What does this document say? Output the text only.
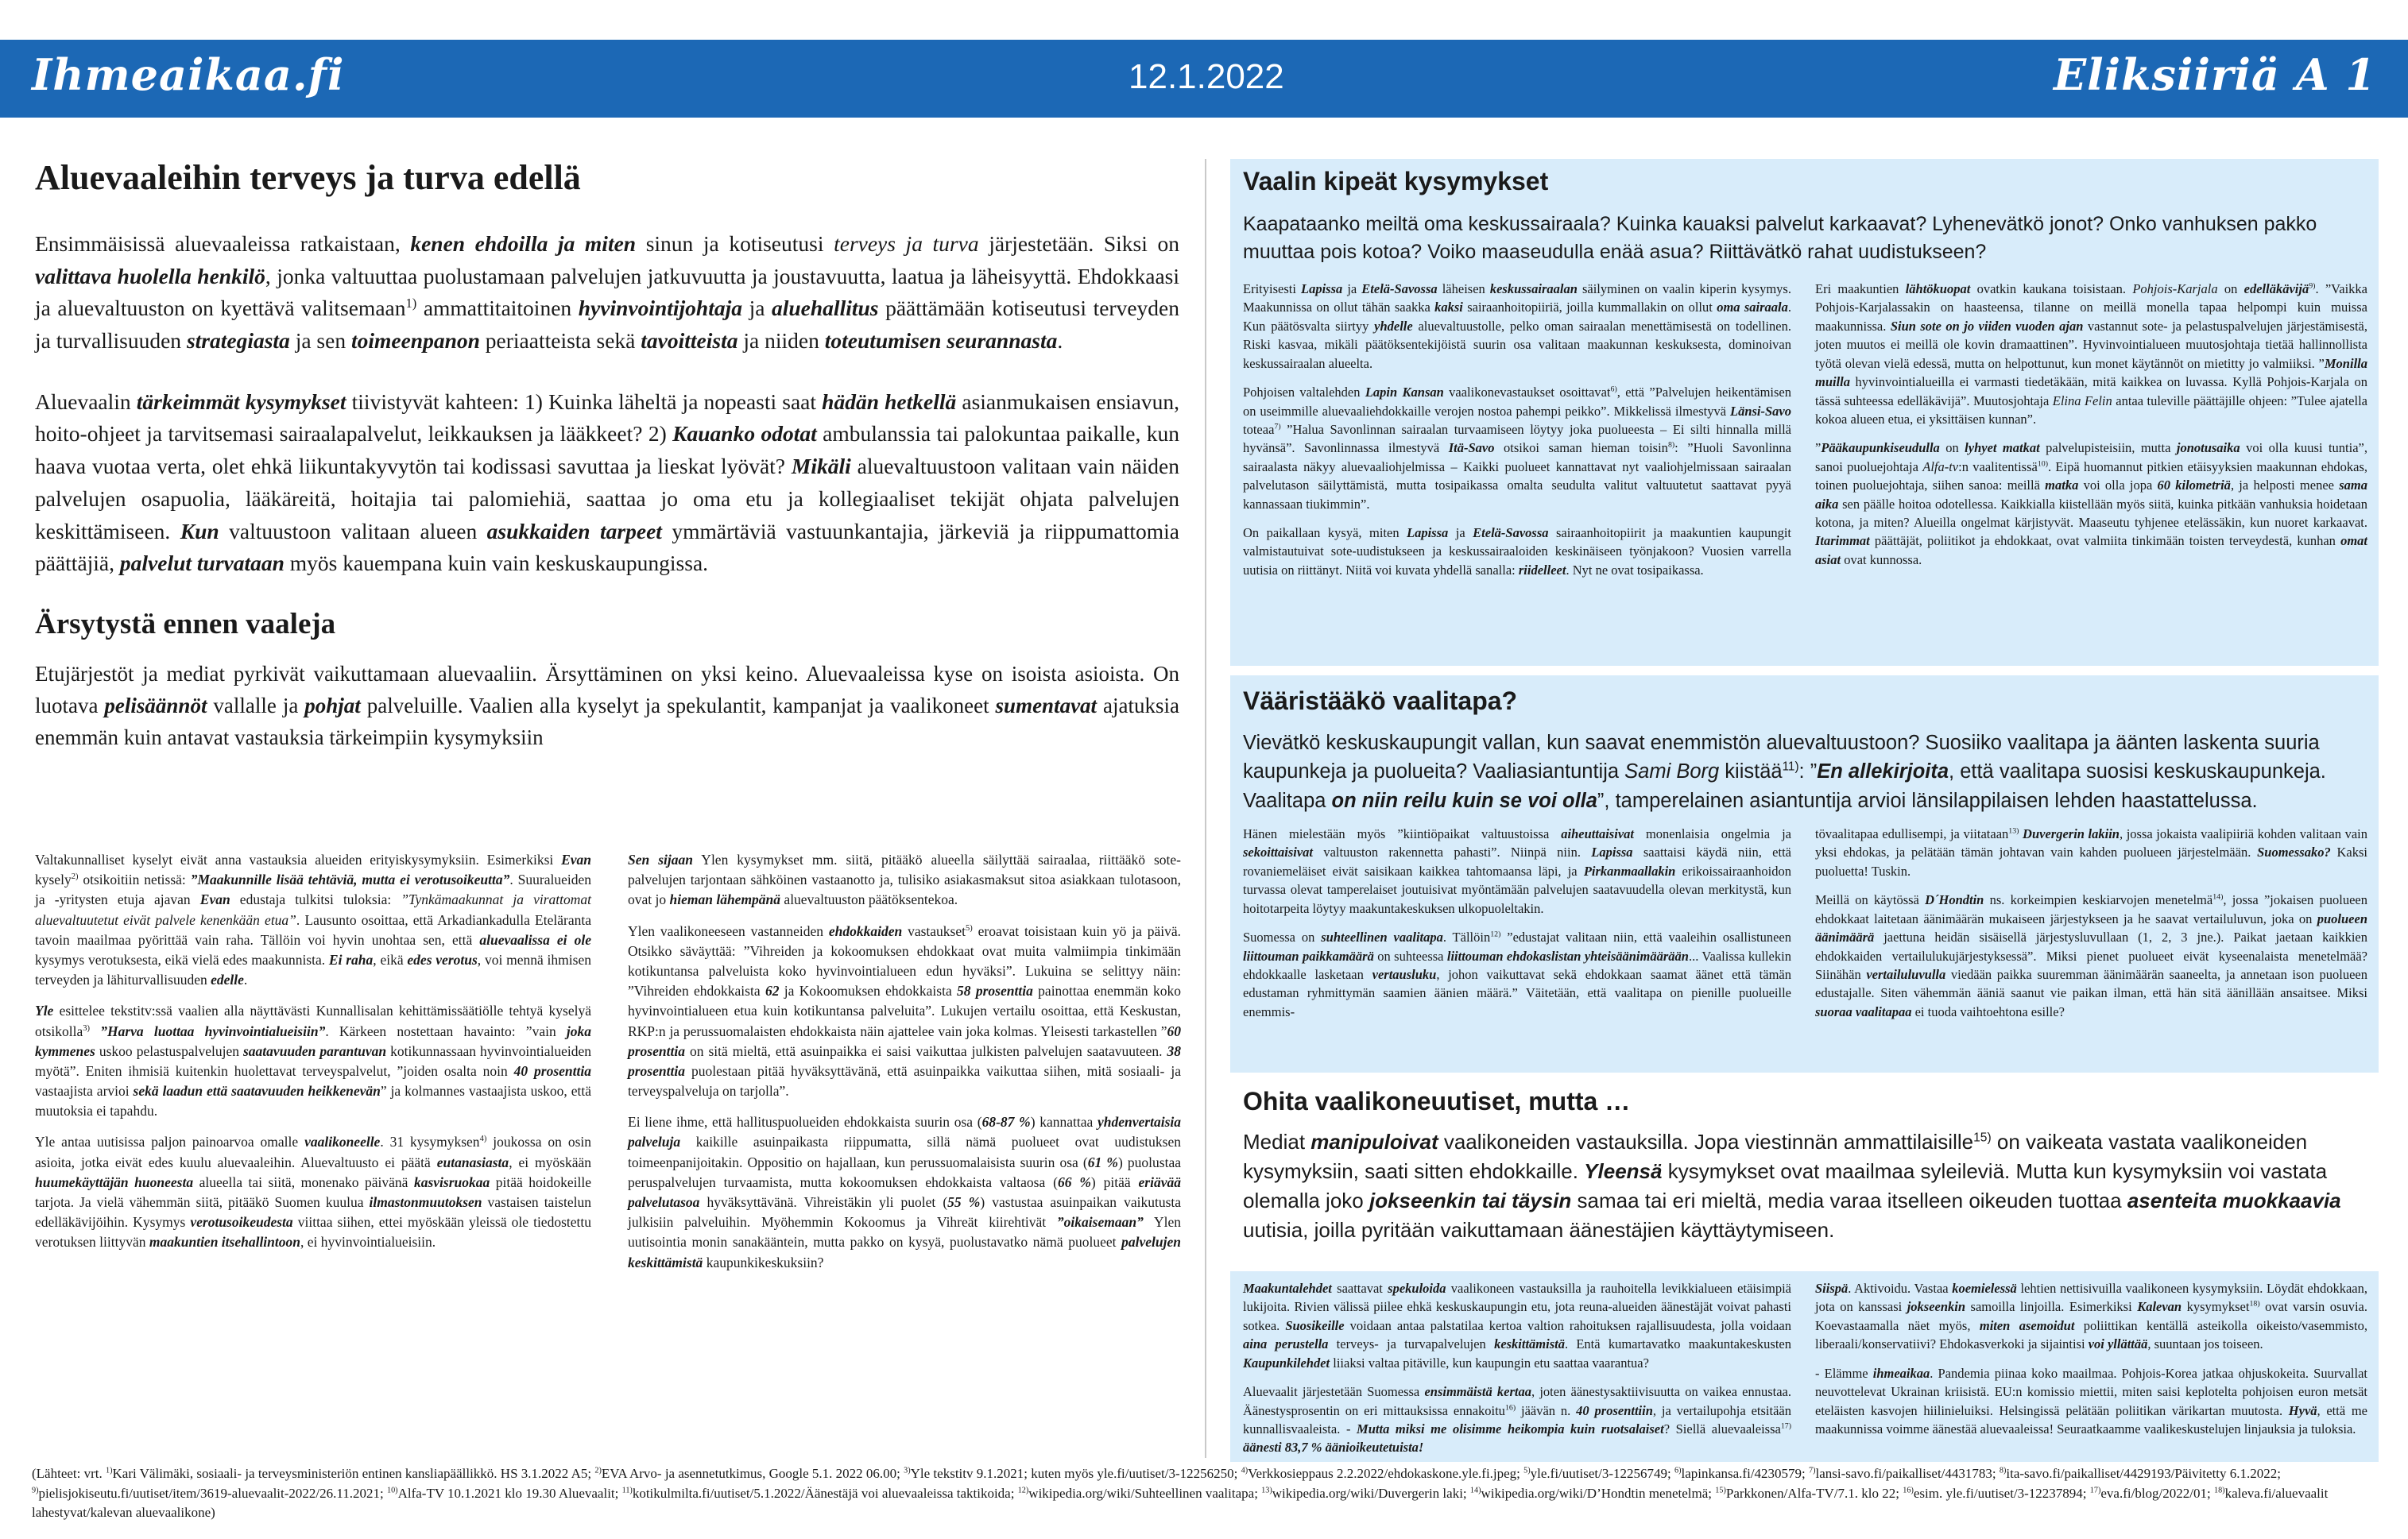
Ihmeaikaa.fi	12.1.2022	Eliksiiriä A 1
Aluevaaleihin terveys ja turva edellä

Ensimmäisissä aluevaaleissa ratkaistaan, kenen ehdoilla ja miten sinun ja kotiseutusi terveys ja turva järjestetään. Siksi on valittava huolella henkilö, jonka valtuuttaa puolustamaan palvelujen jatkuvuutta ja joustavuutta, laatua ja läheisyyttä. Ehdokkaasi ja aluevaltuuston on kyettävä valitsemaan$^{1)}$ ammattitaitoinen hyvinvointijohtaja ja aluehallitus päättämään kotiseutusi terveyden ja turvallisuuden strategiasta ja sen toimeenpanon periaatteista sekä tavoitteista ja niiden toteutumisen seurannasta.

Aluevaalin tärkeimmät kysymykset tiivistyvät kahteen: 1) Kuinka läheltä ja nopeasti saat hädän hetkellä asianmukaisen ensiavun, hoito-ohjeet ja tarvitsemasi sairaalapalvelut, leikkauksen ja lääkkeet? 2) Kauanko odotat ambulanssia tai palokuntaa paikalle, kun haava vuotaa verta, olet ehkä liikuntakyvytön tai kodissasi savuttaa ja lieskat lyövät? Mikäli aluevaltuustoon valitaan vain näiden palvelujen osapuolia, lääkäreitä, hoitajia tai palomiehiä, saattaa jo oma etu ja kollegiaaliset tekijät ohjata palvelujen keskittämiseen. Kun valtuustoon valitaan alueen asukkaiden tarpeet ymmärtäviä vastuunkantajia, järkeviä ja riippumattomia päättäjiä, palvelut turvataan myös kauempana kuin vain keskuskaupungissa.

Ärsytystä ennen vaaleja

Etujärjestöt ja mediat pyrkivät vaikuttamaan aluevaaliin. Ärsyttäminen on yksi keino. Aluevaaleissa kyse on isoista asioista. On luotava pelisäännöt vallalle ja pohjat palveluille. Vaalien alla kyselyt ja spekulantit, kampanjat ja vaalikoneet sumentavat ajatuksia enemmän kuin antavat vastauksia tärkeimpiin kysymyksiin

Valtakunnalliset kyselyt eivät anna vastauksia alueiden erityiskysymyksiin. Esimerkiksi Evan kysely$^{2)}$ otsikoitiin netissä: ”Maakunnille lisää tehtäviä, mutta ei verotusoikeutta”. Suuralueiden ja -yritysten etuja ajavan Evan edustaja tulkitsi tuloksia: ”Tynkämaakunnat ja virattomat aluevaltuutetut eivät palvele kenenkään etua”. Lausunto osoittaa, että Arkadiankadulla Eteläranta tavoin maailmaa pyörittää vain raha. Tällöin voi hyvin unohtaa sen, että aluevaalissa ei ole kysymys verotuksesta, eikä vielä edes maakunnista. Ei raha, eikä edes verotus, voi mennä ihmisen terveyden ja lähiturvallisuuden edelle.

Yle esittelee tekstitv:ssä vaalien alla näyttävästi Kunnallisalan kehittämissäätiölle tehtyä kyselyä otsikolla$^{3)}$ ”Harva luottaa hyvinvointialueisiin”. Kärkeen nostettaan havainto: ”vain joka kymmenes uskoo pelastuspalvelujen saatavuuden parantuvan kotikunnassaan hyvinvointialueiden myötä”. Eniten ihmisiä kuitenkin huolettavat terveyspalvelut, ”joiden osalta noin 40 prosenttia vastaajista arvioi sekä laadun että saatavuuden heikkenevän” ja kolmannes vastaajista uskoo, että muutoksia ei tapahdu.

Yle antaa uutisissa paljon painoarvoa omalle vaalikoneelle. 31 kysymyksen$^{4)}$ joukossa on osin asioita, jotka eivät edes kuulu aluevaaleihin. Aluevaltuusto ei päätä eutanasiasta, ei myöskään huumekäyttäjän huoneesta alueella tai siitä, monenako päivänä kasvisruokaa pitää hoidokeille tarjota. Ja vielä vähemmän siitä, pitääkö Suomen kuulua ilmastonmuutoksen vastaisen taistelun edelläkävijöihin. Kysymys verotusoikeudesta viittaa siihen, ettei myöskään yleissä ole tiedostettu verotuksen liittyvän maakuntien itsehallintoon, ei hyvinvointialueisiin.

Sen sijaan Ylen kysymykset mm. siitä, pitääkö alueella säilyttää sairaalaa, riittääkö sote-palvelujen tarjontaan sähköinen vastaanotto ja, tulisiko asiakasmaksut sitoa asiakkaan tulotasoon, ovat jo hieman lähempänä aluevaltuuston päätöksentekoa.

Ylen vaalikoneeseen vastanneiden ehdokkaiden vastaukset$^{5)}$ eroavat toisistaan kuin yö ja päivä. Otsikko säväyttää: ”Vihreiden ja kokoomuksen ehdokkaat ovat muita valmiimpia tinkimään kotikuntansa palveluista koko hyvinvointialueen edun hyväksi”. Lukuina se selittyy näin: ”Vihreiden ehdokkaista 62 ja Kokoomuksen ehdokkaista 58 prosenttia painottaa enemmän koko hyvinvointialueen etua kuin kotikuntansa palveluita”. Lukujen vertailu osoittaa, että Keskustan, RKP:n ja perussuomalaisten ehdokkaista näin ajattelee vain joka kolmas. Yleisesti tarkastellen ”60 prosenttia on sitä mieltä, että asuinpaikka ei saisi vaikuttaa julkisten palvelujen saatavuuteen. 38 prosenttia puolestaan pitää hyväksyttävänä, että asuinpaikka vaikuttaa siihen, mitä sosiaali- ja terveyspalveluja on tarjolla”.

Ei liene ihme, että hallituspuolueiden ehdokkaista suurin osa (68-87 %) kannattaa yhdenvertaisia palveluja kaikille asuinpaikasta riippumatta, sillä nämä puolueet ovat uudistuksen toimeenpanijoitakin. Oppositio on hajallaan, kun perussuomalaisista suurin osa (61 %) puolustaa peruspalvelujen turvaamista, mutta kokoomuksen ehdokkaista valtaosa (66 %) pitää eriävää palvelutasoa hyväksyttävänä. Vihreistäkin yli puolet (55 %) vastustaa asuinpaikan vaikutusta julkisiin palveluihin. Myöhemmin Kokoomus ja Vihreät kiirehtivät ”oikaisemaan” Ylen uutisointia monin sanakääntein, mutta pakko on kysyä, puolustavatko nämä puolueet palvelujen keskittämistä kaupunkikeskuksiin?

Vaalin kipeät kysymykset

Kaapataanko meiltä oma keskussairaala? Kuinka kauaksi palvelut karkaavat? Lyhenevätkö jonot? Onko vanhuksen pakko muuttaa pois kotoa? Voiko maaseudulla enää asua? Riittävätkö rahat uudistukseen?

Erityisesti Lapissa ja Etelä-Savossa läheisen keskussairaalan säilyminen on vaalin kiperin kysymys. Maakunnissa on ollut tähän saakka kaksi sairaanhoitopiiriä, joilla kummallakin on ollut oma sairaala. Kun päätösvalta siirtyy yhdelle aluevaltuustolle, pelko oman sairaalan menettämisestä on todellinen. Riski kasvaa, mikäli päätöksentekijöistä suurin osa valitaan maakunnan keskuksesta, dominoivan keskussairaalan alueelta.

Pohjoisen valtalehden Lapin Kansan vaalikonevastaukset osoittavat$^{6)}$, että ”Palvelujen heikentämisen on useimmille aluevaaliehdokkaille verojen nostoa pahempi peikko”. Mikkelissä ilmestyvä Länsi-Savo toteaa$^{7)}$ ”Halua Savonlinnan sairaalan turvaamiseen löytyy joka puolueesta – Ei silti hinnalla millä hyvänsä”. Savonlinnassa ilmestyvä Itä-Savo otsikoi saman hieman toisin$^{8)}$: ”Huoli Savonlinna sairaalasta näkyy aluevaaliohjelmissa – Kaikki puolueet kannattavat nyt vaaliohjelmissaan sairaalan palvelutason säilyttämistä, mutta tosipaikassa omalta seudulta valitut valtuutetut saattavat pyyä kannassaan tiukimmin”.

On paikallaan kysyä, miten Lapissa ja Etelä-Savossa sairaanhoitopiirit ja maakuntien kaupungit valmistautuivat sote-uudistukseen ja keskussairaaloiden keskinäiseen työnjakoon? Vuosien varrella uutisia on riittänyt. Niitä voi kuvata yhdellä sanalla: riidelleet. Nyt ne ovat tosipaikassa.

Eri maakuntien lähtökuopat ovatkin kaukana toisistaan. Pohjois-Karjala on edelläkävijä$^{9)}$. ”Vaikka Pohjois-Karjalassakin on haasteensa, tilanne on meillä monella tapaa helpompi kuin muissa maakunnissa. Siun sote on jo viiden vuoden ajan vastannut sote- ja pelastuspalvelujen järjestämisestä, joten muutos ei meillä ole kovin dramaattinen”. Hyvinvointialueen muutosjohtaja tietää hallinnollista työtä olevan vielä edessä, mutta on helpottunut, kun monet käytännöt on mietitty jo valmiiksi. ”Monilla muilla hyvinvointialueilla ei varmasti tiedetäkään, mitä kaikkea on luvassa. Kyllä Pohjois-Karjala on tässä suhteessa edelläkävijä”. Muutosjohtaja Elina Felin antaa tuleville päättäjille ohjeen: ”Tulee ajatella kokoa alueen etua, ei yksittäisen kunnan”.

”Pääkaupunkiseudulla on lyhyet matkat palvelupisteisiin, mutta jonotusaika voi olla kuusi tuntia”, sanoi puoluejohtaja Alfa-tv:n vaalitentissä$^{10)}$. Eipä huomannut pitkien etäisyyksien maakunnan ehdokas, toinen puoluejohtaja, siihen sanoa: meillä matka voi olla jopa 60 kilometriä, ja helposti menee sama aika sen päälle hoitoa odotellessa. Kaikkialla kiistellään myös siitä, kuinka pitkään vanhuksia hoidetaan kotona, ja miten? Alueilla ongelmat kärjistyvät. Maaseutu tyhjenee etelässäkin, kun nuoret karkaavat. Itarimmat päättäjät, poliitikot ja ehdokkaat, ovat valmiita tinkimään toisten terveydestä, kunhan omat asiat ovat kunnossa.

Vääristääkö vaalitapa?

Vievätkö keskuskaupungit vallan, kun saavat enemmistön aluevaltuustoon? Suosiiko vaalitapa ja äänten laskenta suuria kaupunkeja ja puolueita? Vaaliasiantuntija Sami Borg kiistää$^{11)}$: ”En allekirjoita, että vaalitapa suosisi keskuskaupunkeja. Vaalitapa on niin reilu kuin se voi olla”, tamperelainen asiantuntija arvioi länsilappilaisen lehden haastattelussa.

Hänen mielestään myös ”kiintiöpaikat valtuustoissa aiheuttaisivat monenlaisia ongelmia ja sekoittaisivat valtuuston rakennetta pahasti”. Niinpä niin. Lapissa saattaisi käydä niin, että rovaniemeläiset eivät saisikaan kaikkea tahtomaansa läpi, ja Pirkanmaallakin erikoissairaanhoidon turvassa olevat tamperelaiset joutuisivat myöntämään palvelujen saatavuudella olevan merkitystä, kun hoitotarpeita löytyy maakuntakeskuksen ulkopuoleltakin.

Suomessa on suhteellinen vaalitapa. Tällöin$^{12)}$ ”edustajat valitaan niin, että vaaleihin osallistuneen liittouman paikkamäärä on suhteessa liittouman ehdokaslistan yhteisäänimäärään... Vaalissa kullekin ehdokkaalle lasketaan vertausluku, johon vaikuttavat sekä ehdokkaan saamat äänet että tämän edustaman ryhmittymän saamien äänien määrä.” Väitetään, että vaalitapa on pienille puolueille enemmis-

tövaalitapaa edullisempi, ja viitataan$^{13)}$ Duvergerin lakiin, jossa jokaista vaalipiiriä kohden valitaan vain yksi ehdokas, ja pelätään tämän johtavan vain kahden puolueen järjestelmään. Suomessako? Kaksi puoluetta! Tuskin.

Meillä on käytössä D´Hondtin ns. korkeimpien keskiarvojen menetelmä$^{14)}$, jossa ”jokaisen puolueen ehdokkaat laitetaan äänimäärän mukaiseen järjestykseen ja he saavat vertailuluvun, joka on puolueen äänimäärä jaettuna heidän sisäisellä järjestysluvullaan (1, 2, 3 jne.). Paikat jaetaan kaikkien ehdokkaiden vertailulukujärjestyksessä”. Miksi pienet puolueet eivät kyseenalaista menetelmää? Siinähän vertailuluvulla viedään paikka suuremman äänimäärän saaneelta, ja annetaan ison puolueen edustajalle. Siten vähemmän ääniä saanut vie paikan ilman, että hän sitä äänillään ansaitsee. Miksi suoraa vaalitapaa ei tuoda vaihtoehtona esille?

Ohita vaalikoneuutiset, mutta …

Mediat manipuloivat vaalikoneiden vastauksilla. Jopa viestinnän ammattilaisille$^{15)}$ on vaikeata vastata vaalikoneiden kysymyksiin, saati sitten ehdokkaille. Yleensä kysymykset ovat maailmaa syleileviä. Mutta kun kysymyksiin voi vastata olemalla joko jokseenkin tai täysin samaa tai eri mieltä, media varaa itselleen oikeuden tuottaa asenteita muokkaavia uutisia, joilla pyritään vaikuttamaan äänestäjien käyttäytymiseen.

Maakuntalehdet saattavat spekuloida vaalikoneen vastauksilla ja rauhoitella levikkialueen etäisimpiä lukijoita. Rivien välissä piilee ehkä keskuskaupungin etu, jota reuna-alueiden äänestäjät voivat pahasti sotkea. Suosikeille voidaan antaa palstatilaa kertoa valtion rahoituksen rajallisuudesta, jolla voidaan aina perustella terveys- ja turvapalvelujen keskittämistä. Entä kumartavatko maakuntakeskusten Kaupunkilehdet liiaksi valtaa pitäville, kun kaupungin etu saattaa vaarantua?

Aluevaalit järjestetään Suomessa ensimmäistä kertaa, joten äänestysaktiivisuutta on vaikea ennustaa. Äänestysprosentin on eri mittauksissa ennakoitu$^{16)}$ jäävän n. 40 prosenttiin, ja vertailupohja etsitään kunnallisvaaleista. - Mutta miksi me olisimme heikompia kuin ruotsalaiset? Siellä aluevaaleissa$^{17)}$ äänesti 83,7 % äänioikeutetuista!

Siispä. Aktivoidu. Vastaa koemielessä lehtien nettisivuilla vaalikoneen kysymyksiin. Löydät ehdokkaan, jota on kanssasi jokseenkin samoilla linjoilla. Esimerkiksi Kalevan kysymykset$^{18)}$ ovat varsin osuvia. Koevastaamalla näet myös, miten asemoidut poliittikan kentällä asteikolla oikeisto/vasemmisto, liberaali/konservatiivi? Ehdokasverkoki ja sijaintisi voi yllättää, suuntaan jos toiseen.

- Elämme ihmeaikaa. Pandemia piinaa koko maailmaa. Pohjois-Korea jatkaa ohjuskokeita. Suurvallat neuvottelevat Ukrainan kriisistä. EU:n komissio miettii, miten saisi keplotelta pohjoisen euron metsät eteläisten kasvojen hiilinieluiksi. Helsingissä pelätään poliitikan värikartan muutosta. Hyvä, että me maakunnissa voimme äänestää aluevaaleissa! Seuraatkaamme vaalikeskustelujen linjauksia ja tuloksia.

(Lähteet: vrt. $^{1)}$Kari Välimäki, sosiaali- ja terveysministeriön entinen kansliapäällikkö. HS 3.1.2022 A5; $^{2)}$EVA Arvo- ja asennetutkimus, Google 5.1. 2022 06.00; $^{3)}$Yle tekstitv 9.1.2021; kuten myös yle.fi/uutiset/3-12256250; $^{4)}$Verkkosieppaus 2.2.2022/ehdokaskone.yle.fi.jpeg; $^{5)}$yle.fi/uutiset/3-12256749; $^{6)}$lapinkansa.fi/4230579; $^{7)}$lansi-savo.fi/paikalliset/4431783; $^{8)}$ita-savo.fi/paikalliset/4429193/Päivitetty 6.1.2022; $^{9)}$pielisjokiseutu.fi/uutiset/item/3619-aluevaalit-2022/26.11.2021; $^{10)}$Alfa-TV 10.1.2021 klo 19.30 Aluevaalit; $^{11)}$kotikulmilta.fi/uutiset/5.1.2022/Äänestäjä voi aluevaaleissa taktikoida; $^{12)}$wikipedia.org/wiki/Suhteellinen vaalitapa; $^{13)}$wikipedia.org/wiki/Duvergerin laki; $^{14)}$wikipedia.org/wiki/D’Hondtin menetelmä; $^{15)}$Parkkonen/Alfa-TV/7.1. klo 22; $^{16)}$esim. yle.fi/uutiset/3-12237894; $^{17)}$eva.fi/blog/2022/01; $^{18)}$kaleva.fi/aluevaalit lahestyvat/kalevan aluevaalikone)
